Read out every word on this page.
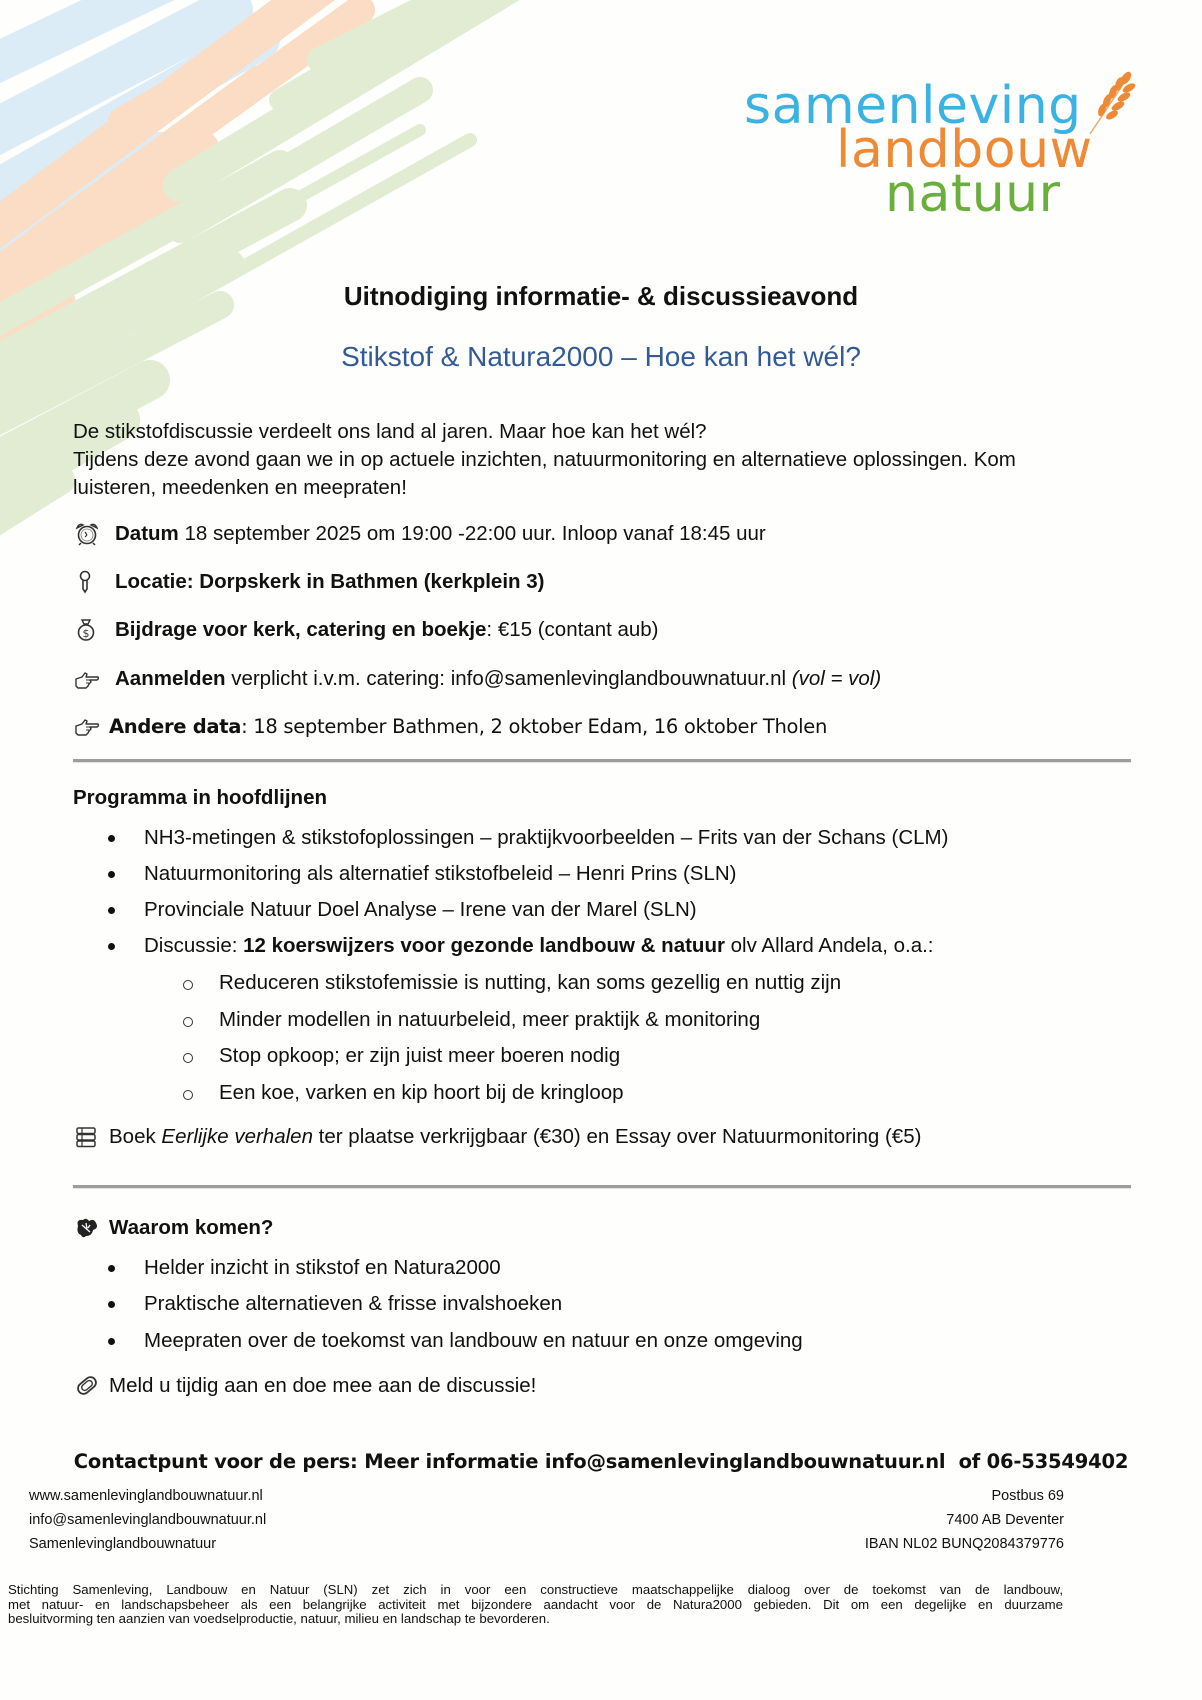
samenleving
landbouw
natuur
Uitnodiging informatie- & discussieavond
Stikstof & Natura2000 – Hoe kan het wél?
De stikstofdiscussie verdeelt ons land al jaren. Maar hoe kan het wél?
Tijdens deze avond gaan we in op actuele inzichten, natuurmonitoring en alternatieve oplossingen. Kom
luisteren, meedenken en meepraten!
Datum 18 september 2025 om 19:00 -22:00 uur. Inloop vanaf 18:45 uur
Locatie: Dorpskerk in Bathmen (kerkplein 3)
$ Bijdrage voor kerk, catering en boekje : €15 (contant aub)
Aanmelden verplicht i.v.m. catering: info@samenlevinglandbouwnatuur.nl (vol = vol)
Andere data : 18 september Bathmen, 2 oktober Edam, 16 oktober Tholen
Programma in hoofdlijnen
NH3-metingen & stikstofoplossingen – praktijkvoorbeelden – Frits van der Schans (CLM)
Natuurmonitoring als alternatief stikstofbeleid – Henri Prins (SLN)
Provinciale Natuur Doel Analyse – Irene van der Marel (SLN)
Discussie: 12 koerswijzers voor gezonde landbouw & natuur olv Allard Andela, o.a.:
Reduceren stikstofemissie is nutting, kan soms gezellig en nuttig zijn
Minder modellen in natuurbeleid, meer praktijk & monitoring
Stop opkoop; er zijn juist meer boeren nodig
Een koe, varken en kip hoort bij de kringloop
Boek Eerlijke verhalen ter plaatse verkrijgbaar (€30) en Essay over Natuurmonitoring (€5)
Waarom komen?
Helder inzicht in stikstof en Natura2000
Praktische alternatieven & frisse invalshoeken
Meepraten over de toekomst van landbouw en natuur en onze omgeving
Meld u tijdig aan en doe mee aan de discussie!
Contactpunt voor de pers: Meer informatie info@samenlevinglandbouwnatuur.nl  of 06-53549402
www.samenlevinglandbouwnatuur.nl
info@samenlevinglandbouwnatuur.nl
Samenlevinglandbouwnatuur
Postbus 69
7400 AB Deventer
IBAN NL02 BUNQ2084379776
Stichting Samenleving, Landbouw en Natuur (SLN) zet zich in voor een constructieve maatschappelijke dialoog over de toekomst van de landbouw,
met natuur- en landschapsbeheer als een belangrijke activiteit met bijzondere aandacht voor de Natura2000 gebieden. Dit om een degelijke en duurzame
besluitvorming ten aanzien van voedselproductie, natuur, milieu en landschap te bevorderen.
